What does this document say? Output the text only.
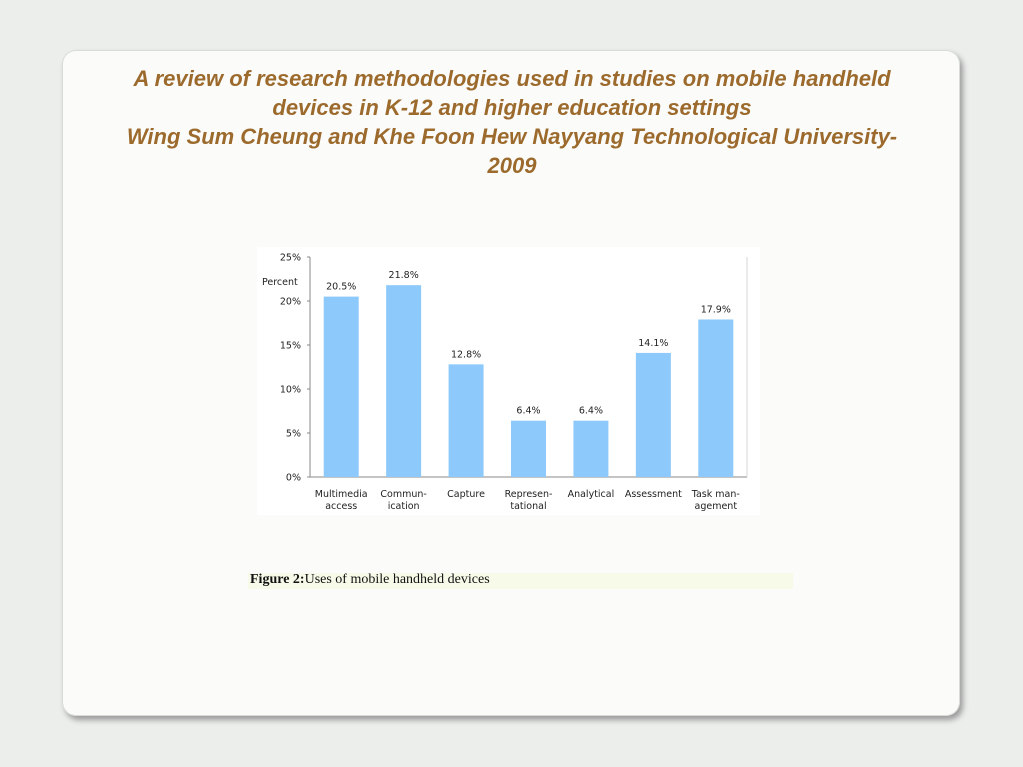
A review of research methodologies used in studies on mobile handheld
devices in K-12 and higher education settings
Wing Sum Cheung and Khe Foon Hew Nayyang Technological University-
2009
0%
5%
10%
15%
20%
25%
Percent	20.5%
Multimedia
access
21.8%
Commun-
ication
12.8%
Capture
6.4%
Represen-
tational
6.4%
Analytical
14.1%
Assessment
17.9%
Task man-
agement
Figure 2:Uses of mobile handheld devices
